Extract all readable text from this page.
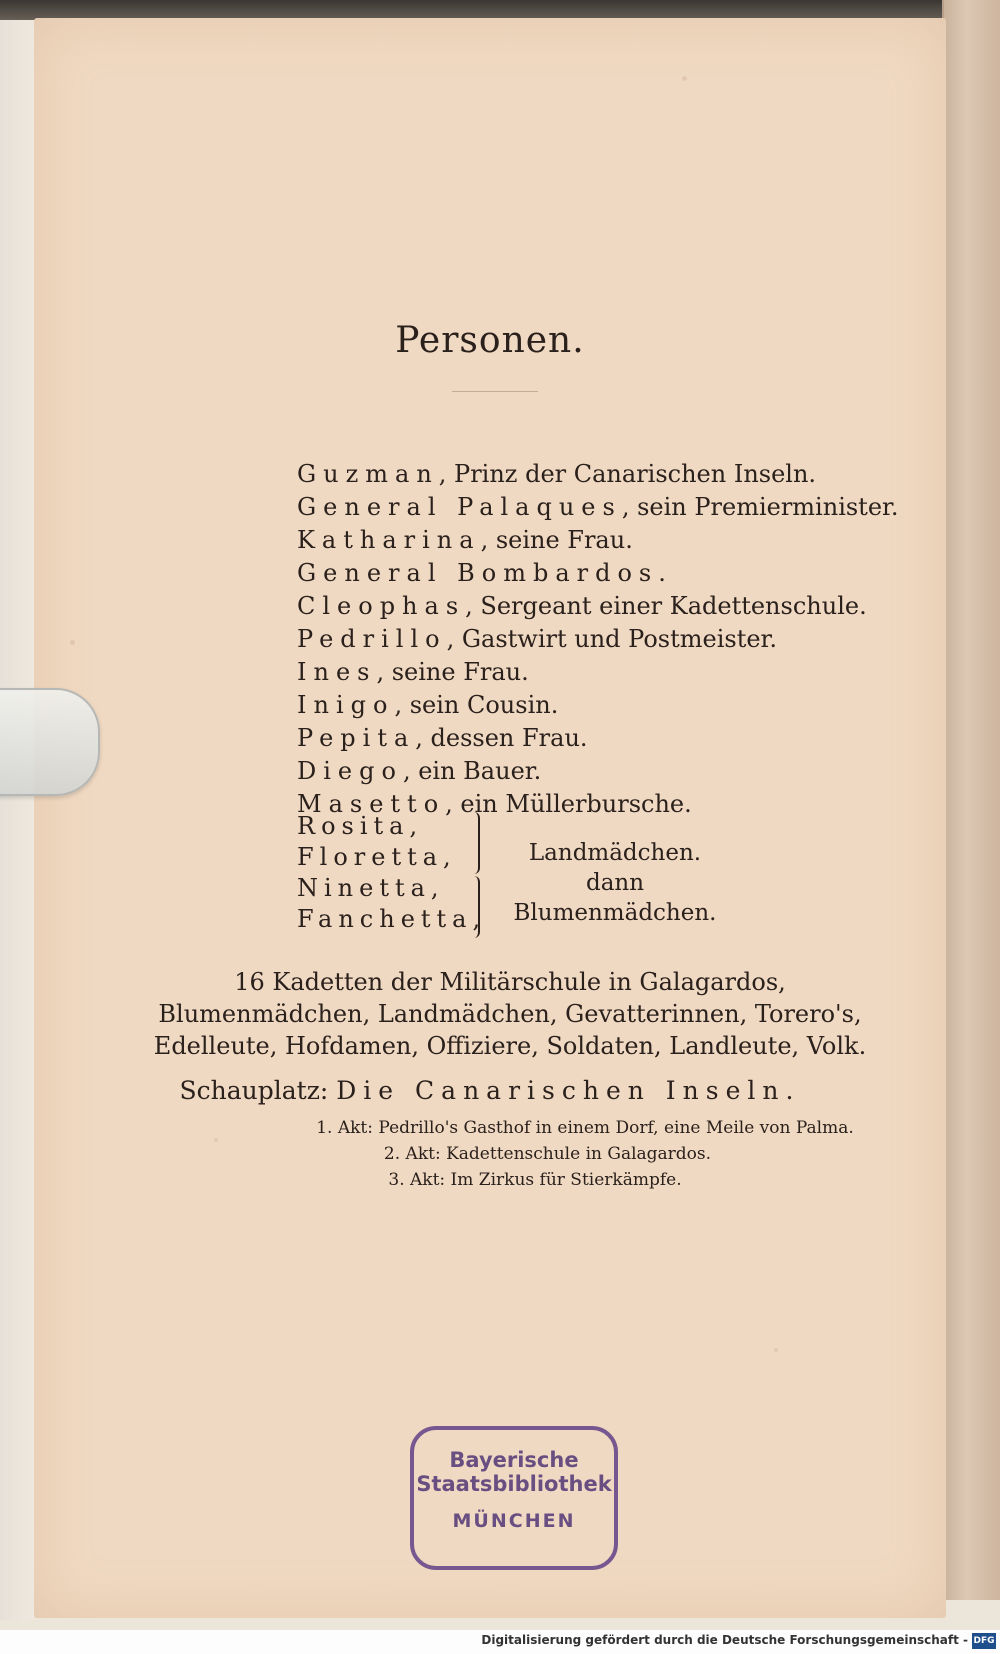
Personen.
Guzman, Prinz der Canarischen Inseln.
General Palaques, sein Premierminister.
Katharina, seine Frau.
General Bombardos.
Cleophas, Sergeant einer Kadettenschule.
Pedrillo, Gastwirt und Postmeister.
Ines, seine Frau.
Inigo, sein Cousin.
Pepita, dessen Frau.
Diego, ein Bauer.
Masetto, ein Müllerbursche.
Rosita,
Floretta,
Ninetta,
Fanchetta,
Landmädchen.
dann
Blumenmädchen.
16 Kadetten der Militärschule in Galagardos, Blumenmädchen, Landmädchen, Gevatterinnen, Torero's, Edelleute, Hofdamen, Offiziere, Soldaten, Landleute, Volk.
Schauplatz: Die Canarischen Inseln.
1. Akt: Pedrillo's Gasthof in einem Dorf, eine Meile von Palma.
2. Akt: Kadettenschule in Galagardos.
3. Akt: Im Zirkus für Stierkämpfe.
Bayerische
Staatsbibliothek
MÜNCHEN
Digitalisierung gefördert durch die Deutsche Forschungsgemeinschaft - DFG
